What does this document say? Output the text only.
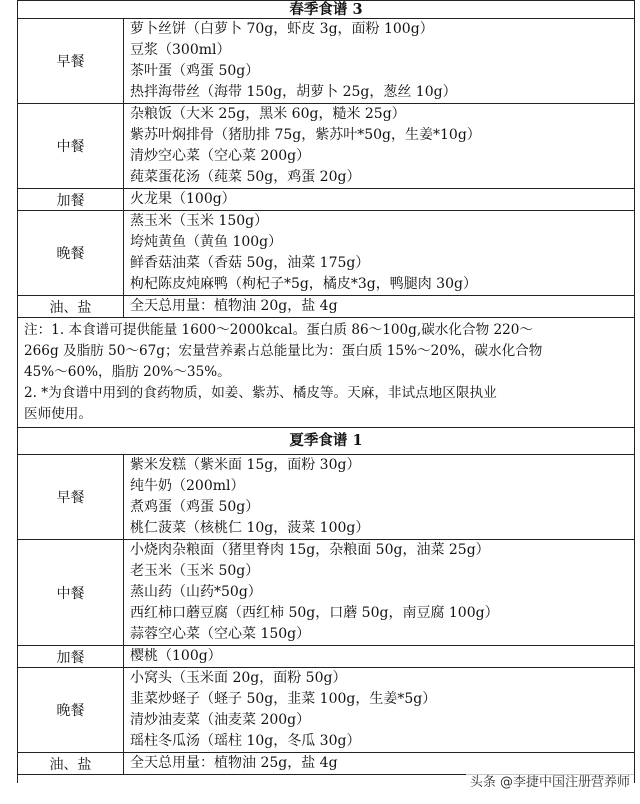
春季食谱 3	
早餐	萝卜丝饼（白萝卜 70g，虾皮 3g，面粉 100g）
豆浆（300ml）
茶叶蛋（鸡蛋 50g）
热拌海带丝（海带 150g，胡萝卜 25g，葱丝 10g）

中餐	杂粮饭（大米 25g，黑米 60g，糙米 25g）
紫苏叶焖排骨（猪肋排 75g，紫苏叶*50g，生姜*10g）
清炒空心菜（空心菜 200g）
莼菜蛋花汤（莼菜 50g，鸡蛋 20g）

加餐	火龙果（100g）

晚餐	蒸玉米（玉米 150g）
垮炖黄鱼（黄鱼 100g）
鲜香菇油菜（香菇 50g，油菜 175g）
枸杞陈皮炖麻鸭（枸杞子*5g，橘皮*3g，鸭腿肉 30g）

油、盐	全天总用量：植物油 20g，盐 4g

注：1. 本食谱可提供能量 1600～2000kcal。蛋白质 86～100g,碳水化合物 220～
266g 及脂肪 50～67g；宏量营养素占总能量比为：蛋白质 15%～20%，碳水化合物
45%～60%，脂肪 20%～35%。
2. *为食谱中用到的食药物质，如姜、紫苏、橘皮等。天麻，非试点地区限执业
医师使用。	

夏季食谱 1	
早餐	紫米发糕（紫米面 15g，面粉 30g）
纯牛奶（200ml）
煮鸡蛋（鸡蛋 50g）
桃仁菠菜（核桃仁 10g，菠菜 100g）

中餐	小烧肉杂粮面（猪里脊肉 15g，杂粮面 50g，油菜 25g）
老玉米（玉米 50g）
蒸山药（山药*50g）
西红柿口蘑豆腐（西红柿 50g，口蘑 50g，南豆腐 100g）
蒜蓉空心菜（空心菜 150g）

加餐	樱桃（100g）

晚餐	小窝头（玉米面 20g，面粉 50g）
韭菜炒蛏子（蛏子 50g，韭菜 100g，生姜*5g）
清炒油麦菜（油麦菜 200g）
瑶柱冬瓜汤（瑶柱 10g，冬瓜 30g）

油、盐	全天总用量：植物油 25g，盐 4g

头条 @李捷中国注册营养师
